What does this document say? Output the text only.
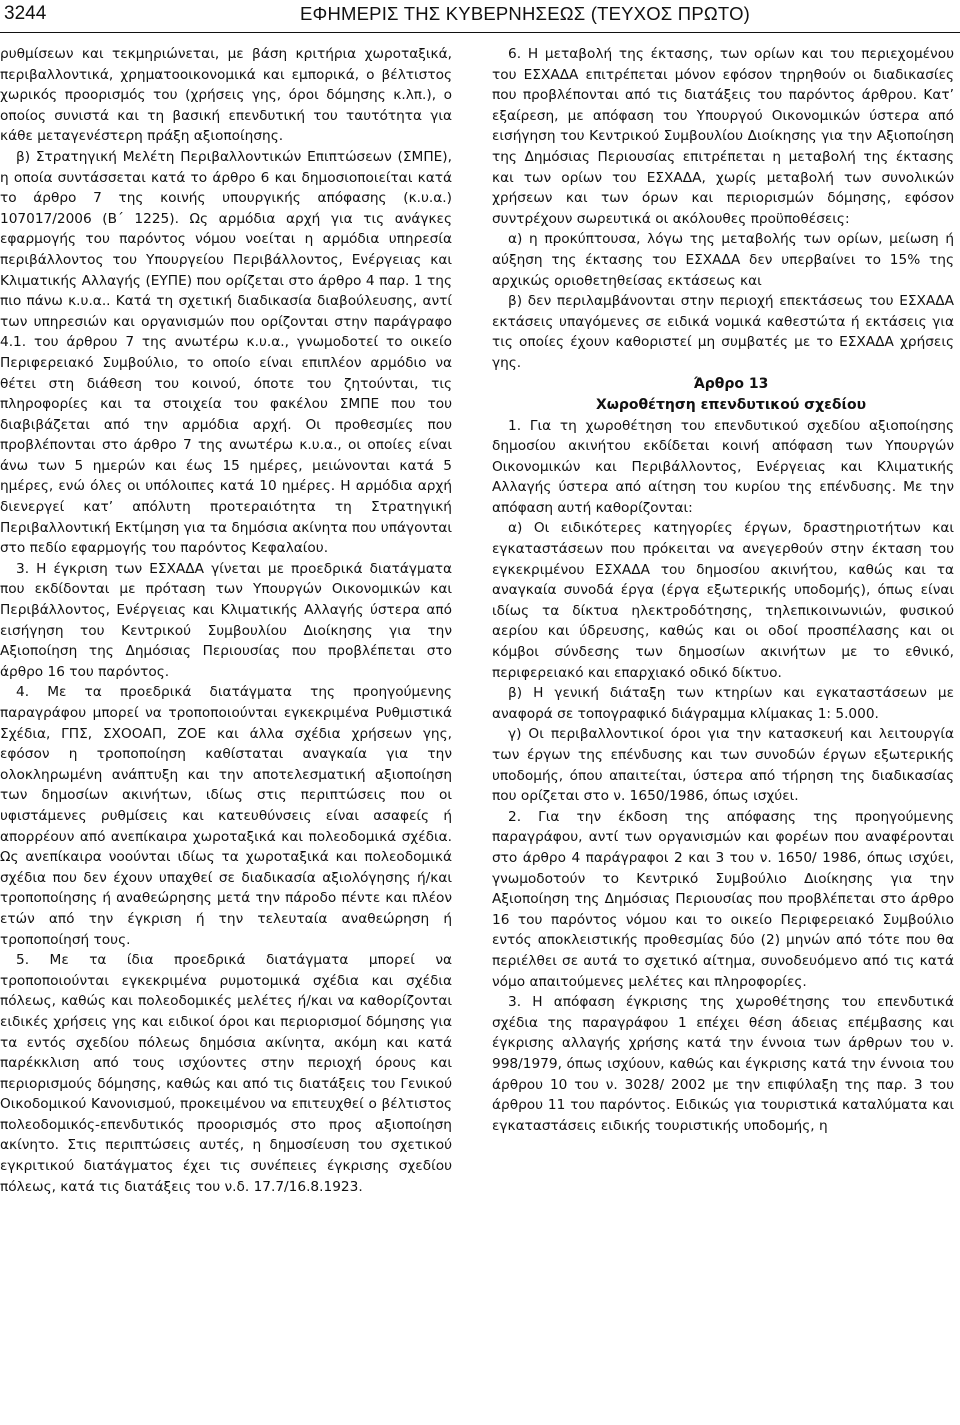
3244	ΕΦΗΜΕΡΙΣ ΤΗΣ ΚΥΒΕΡΝΗΣΕΩΣ (ΤΕΥΧΟΣ ΠΡΩΤΟ)

ρυθμίσεων και τεκμηριώνεται, με βάση κριτήρια χωροταξικά, περιβαλλοντικά, χρηματοοικονομικά και εμπορικά, ο βέλτιστος χωρικός προορισμός του (χρήσεις γης, όροι δόμησης κ.λπ.), ο οποίος συνιστά και τη βασική επενδυτική του ταυτότητα για κάθε μεταγενέστερη πράξη αξιοποίησης.

β) Στρατηγική Μελέτη Περιβαλλοντικών Επιπτώσεων (ΣΜΠΕ), η οποία συντάσσεται κατά το άρθρο 6 και δημοσιοποιείται κατά το άρθρο 7 της κοινής υπουργικής απόφασης (κ.υ.α.) 107017/2006 (Β΄ 1225). Ως αρμόδια αρχή για τις ανάγκες εφαρμογής του παρόντος νόμου νοείται η αρμόδια υπηρεσία περιβάλλοντος του Υπουργείου Περιβάλλοντος, Ενέργειας και Κλιματικής Αλλαγής (ΕΥΠΕ) που ορίζεται στο άρθρο 4 παρ. 1 της πιο πάνω κ.υ.α.. Κατά τη σχετική διαδικασία διαβούλευσης, αντί των υπηρεσιών και οργανισμών που ορίζονται στην παράγραφο 4.1. του άρθρου 7 της ανωτέρω κ.υ.α., γνωμοδοτεί το οικείο Περιφερειακό Συμβούλιο, το οποίο είναι επιπλέον αρμόδιο να θέτει στη διάθεση του κοινού, όποτε του ζητούνται, τις πληροφορίες και τα στοιχεία του φακέλου ΣΜΠΕ που του διαβιβάζεται από την αρμόδια αρχή. Οι προθεσμίες που προβλέπονται στο άρθρο 7 της ανωτέρω κ.υ.α., οι οποίες είναι άνω των 5 ημερών και έως 15 ημέρες, μειώνονται κατά 5 ημέρες, ενώ όλες οι υπόλοιπες κατά 10 ημέρες. Η αρμόδια αρχή διενεργεί κατ’ απόλυτη προτεραιότητα τη Στρατηγική Περιβαλλοντική Εκτίμηση για τα δημόσια ακίνητα που υπάγονται στο πεδίο εφαρμογής του παρόντος Κεφαλαίου.

3. Η έγκριση των ΕΣΧΑΔΑ γίνεται με προεδρικά διατάγματα που εκδίδονται με πρόταση των Υπουργών Οικονομικών και Περιβάλλοντος, Ενέργειας και Κλιματικής Αλλαγής ύστερα από εισήγηση του Κεντρικού Συμβουλίου Διοίκησης για την Αξιοποίηση της Δημόσιας Περιουσίας που προβλέπεται στο άρθρο 16 του παρόντος.

4. Με τα προεδρικά διατάγματα της προηγούμενης παραγράφου μπορεί να τροποποιούνται εγκεκριμένα Ρυθμιστικά Σχέδια, ΓΠΣ, ΣΧΟΟΑΠ, ΖΟΕ και άλλα σχέδια χρήσεων γης, εφόσον η τροποποίηση καθίσταται αναγκαία για την ολοκληρωμένη ανάπτυξη και την αποτελεσματική αξιοποίηση των δημοσίων ακινήτων, ιδίως στις περιπτώσεις που οι υφιστάμενες ρυθμίσεις και κατευθύνσεις είναι ασαφείς ή απορρέουν από ανεπίκαιρα χωροταξικά και πολεοδομικά σχέδια. Ως ανεπίκαιρα νοούνται ιδίως τα χωροταξικά και πολεοδομικά σχέδια που δεν έχουν υπαχθεί σε διαδικασία αξιολόγησης ή/και τροποποίησης ή αναθεώρησης μετά την πάροδο πέντε και πλέον ετών από την έγκριση ή την τελευταία αναθεώρηση ή τροποποίησή τους.

5. Με τα ίδια προεδρικά διατάγματα μπορεί να τροποποιούνται εγκεκριμένα ρυμοτομικά σχέδια και σχέδια πόλεως, καθώς και πολεοδομικές μελέτες ή/και να καθορίζονται ειδικές χρήσεις γης και ειδικοί όροι και περιορισμοί δόμησης για τα εντός σχεδίου πόλεως δημόσια ακίνητα, ακόμη και κατά παρέκκλιση από τους ισχύοντες στην περιοχή όρους και περιορισμούς δόμησης, καθώς και από τις διατάξεις του Γενικού Οικοδομικού Κανονισμού, προκειμένου να επιτευχθεί ο βέλτιστος πολεοδομικός-επενδυτικός προορισμός στο προς αξιοποίηση ακίνητο. Στις περιπτώσεις αυτές, η δημοσίευση του σχετικού εγκριτικού διατάγματος έχει τις συνέπειες έγκρισης σχεδίου πόλεως, κατά τις διατάξεις του ν.δ. 17.7/16.8.1923.

6. Η μεταβολή της έκτασης, των ορίων και του περιεχομένου του ΕΣΧΑΔΑ επιτρέπεται μόνον εφόσον τηρηθούν οι διαδικασίες που προβλέπονται από τις διατάξεις του παρόντος άρθρου. Κατ’ εξαίρεση, με απόφαση του Υπουργού Οικονομικών ύστερα από εισήγηση του Κεντρικού Συμβουλίου Διοίκησης για την Αξιοποίηση της Δημόσιας Περιουσίας επιτρέπεται η μεταβολή της έκτασης και των ορίων του ΕΣΧΑΔΑ, χωρίς μεταβολή των συνολικών χρήσεων και των όρων και περιορισμών δόμησης, εφόσον συντρέχουν σωρευτικά οι ακόλουθες προϋποθέσεις:

α) η προκύπτουσα, λόγω της μεταβολής των ορίων, μείωση ή αύξηση της έκτασης του ΕΣΧΑΔΑ δεν υπερβαίνει το 15% της αρχικώς οριοθετηθείσας εκτάσεως και

β) δεν περιλαμβάνονται στην περιοχή επεκτάσεως του ΕΣΧΑΔΑ εκτάσεις υπαγόμενες σε ειδικά νομικά καθεστώτα ή εκτάσεις για τις οποίες έχουν καθοριστεί μη συμβατές με το ΕΣΧΑΔΑ χρήσεις γης.

Άρθρο 13

Χωροθέτηση επενδυτικού σχεδίου

1. Για τη χωροθέτηση του επενδυτικού σχεδίου αξιοποίησης δημοσίου ακινήτου εκδίδεται κοινή απόφαση των Υπουργών Οικονομικών και Περιβάλλοντος, Ενέργειας και Κλιματικής Αλλαγής ύστερα από αίτηση του κυρίου της επένδυσης. Με την απόφαση αυτή καθορίζονται:

α) Οι ειδικότερες κατηγορίες έργων, δραστηριοτήτων και εγκαταστάσεων που πρόκειται να ανεγερθούν στην έκταση του εγκεκριμένου ΕΣΧΑΔΑ του δημοσίου ακινήτου, καθώς και τα αναγκαία συνοδά έργα (έργα εξωτερικής υποδομής), όπως είναι ιδίως τα δίκτυα ηλεκτροδότησης, τηλεπικοινωνιών, φυσικού αερίου και ύδρευσης, καθώς και οι οδοί προσπέλασης και οι κόμβοι σύνδεσης των δημοσίων ακινήτων με το εθνικό, περιφερειακό και επαρχιακό οδικό δίκτυο.

β) Η γενική διάταξη των κτηρίων και εγκαταστάσεων με αναφορά σε τοπογραφικό διάγραμμα κλίμακας 1: 5.000.

γ) Οι περιβαλλοντικοί όροι για την κατασκευή και λειτουργία των έργων της επένδυσης και των συνοδών έργων εξωτερικής υποδομής, όπου απαιτείται, ύστερα από τήρηση της διαδικασίας που ορίζεται στο ν. 1650/1986, όπως ισχύει.

2. Για την έκδοση της απόφασης της προηγούμενης παραγράφου, αντί των οργανισμών και φορέων που αναφέρονται στο άρθρο 4 παράγραφοι 2 και 3 του ν. 1650/ 1986, όπως ισχύει, γνωμοδοτούν το Κεντρικό Συμβούλιο Διοίκησης για την Αξιοποίηση της Δημόσιας Περιουσίας που προβλέπεται στο άρθρο 16 του παρόντος νόμου και το οικείο Περιφερειακό Συμβούλιο εντός αποκλειστικής προθεσμίας δύο (2) μηνών από τότε που θα περιέλθει σε αυτά το σχετικό αίτημα, συνοδευόμενο από τις κατά νόμο απαιτούμενες μελέτες και πληροφορίες.

3. Η απόφαση έγκρισης της χωροθέτησης του επενδυτικά σχέδια της παραγράφου 1 επέχει θέση άδειας επέμβασης και έγκρισης αλλαγής χρήσης κατά την έννοια των άρθρων του ν. 998/1979, όπως ισχύουν, καθώς και έγκρισης κατά την έννοια του άρθρου 10 του ν. 3028/ 2002 με την επιφύλαξη της παρ. 3 του άρθρου 11 του παρόντος. Ειδικώς για τουριστικά καταλύματα και εγκαταστάσεις ειδικής τουριστικής υποδομής, η
